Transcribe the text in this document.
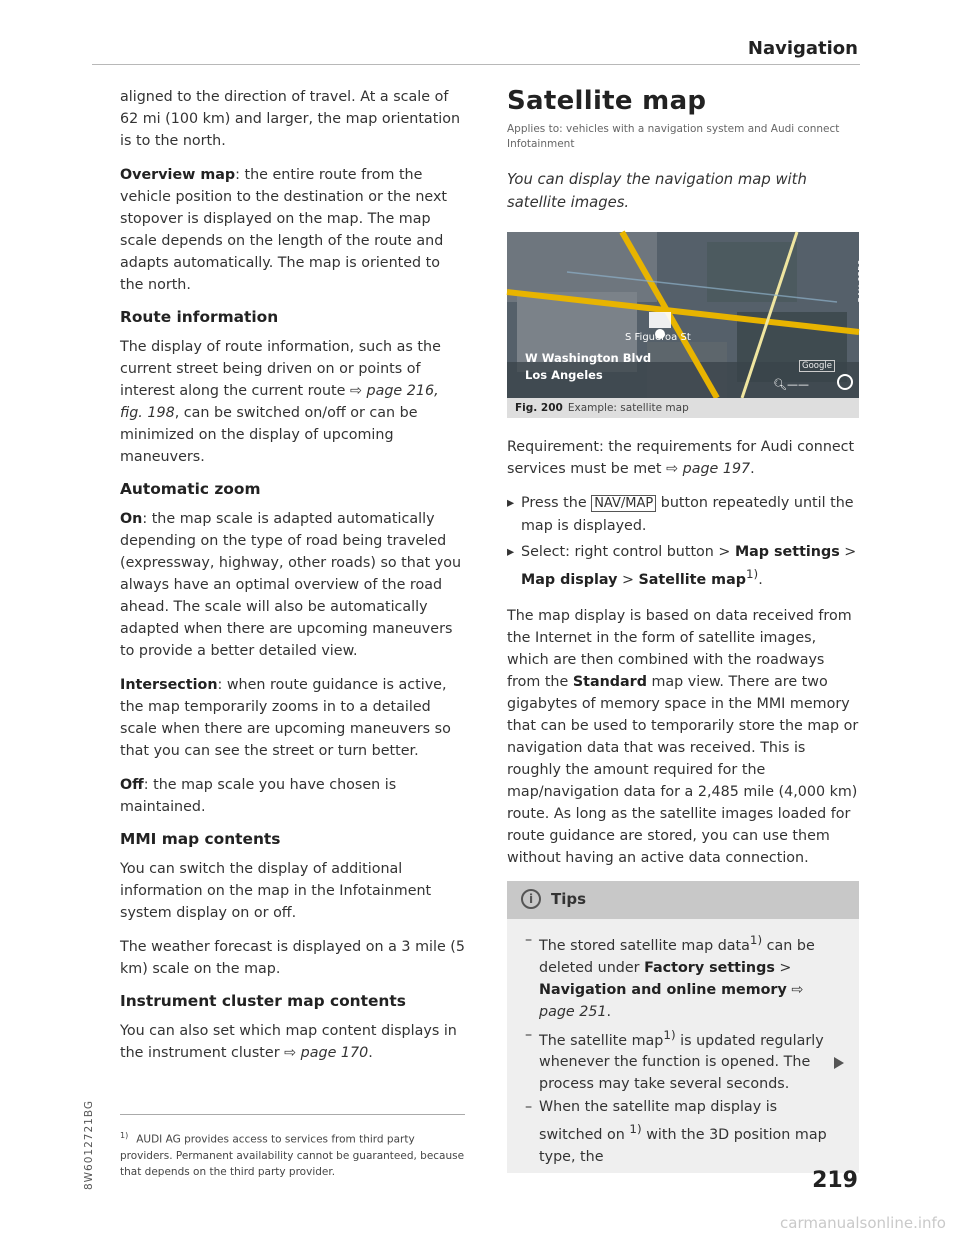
Navigation

aligned to the direction of travel. At a scale of 62 mi (100 km) and larger, the map orientation is to the north.

Overview map: the entire route from the vehicle position to the destination or the next stopover is displayed on the map. The map scale depends on the length of the route and adapts automatically. The map is oriented to the north.

Route information

The display of route information, such as the current street being driven on or points of interest along the current route ⇨ page 216, fig. 198, can be switched on/off or can be minimized on the display of upcoming maneuvers.

Automatic zoom

On: the map scale is adapted automatically depending on the type of road being traveled (expressway, highway, other roads) so that you always have an optimal overview of the road ahead. The scale will also be automatically adapted when there are upcoming maneuvers to provide a better detailed view.

Intersection: when route guidance is active, the map temporarily zooms in to a detailed scale when there are upcoming maneuvers so that you can see the street or turn better.

Off: the map scale you have chosen is maintained.

MMI map contents

You can switch the display of additional information on the map in the Infotainment system display on or off.

The weather forecast is displayed on a 3 mile (5 km) scale on the map.

Instrument cluster map contents

You can also set which map content displays in the instrument cluster ⇨ page 170.

Satellite map

Applies to: vehicles with a navigation system and Audi connect Infotainment

You can display the navigation map with satellite images.

S Figueroa St
W Washington Blvd
Los Angeles
Google
RAH-9256
🔍︎——
Fig. 200 Example: satellite map

Requirement: the requirements for Audi connect services must be met ⇨ page 197.

▸ Press the NAV/MAP button repeatedly until the map is displayed.
▸ Select: right control button > Map settings > Map display > Satellite map$^{1)}$.

The map display is based on data received from the Internet in the form of satellite images, which are then combined with the roadways from the Standard map view. There are two gigabytes of memory space in the MMI memory that can be used to temporarily store the map or navigation data that was received. This is roughly the amount required for the map/navigation data for a 2,485 mile (4,000 km) route. As long as the satellite images loaded for route guidance are stored, you can use them without having an active data connection.

i	Tips
– The stored satellite map data$^{1)}$ can be deleted under Factory settings > Navigation and online memory ⇨ page 251.
– The satellite map$^{1)}$ is updated regularly whenever the function is opened. The process may take several seconds.
– When the satellite map display is switched on $^{1)}$ with the 3D position map type, the
$^{1)}$ AUDI AG provides access to services from third party providers. Permanent availability cannot be guaranteed, because that depends on the third party provider.
8W6012721BG	219
carmanualsonline.info
